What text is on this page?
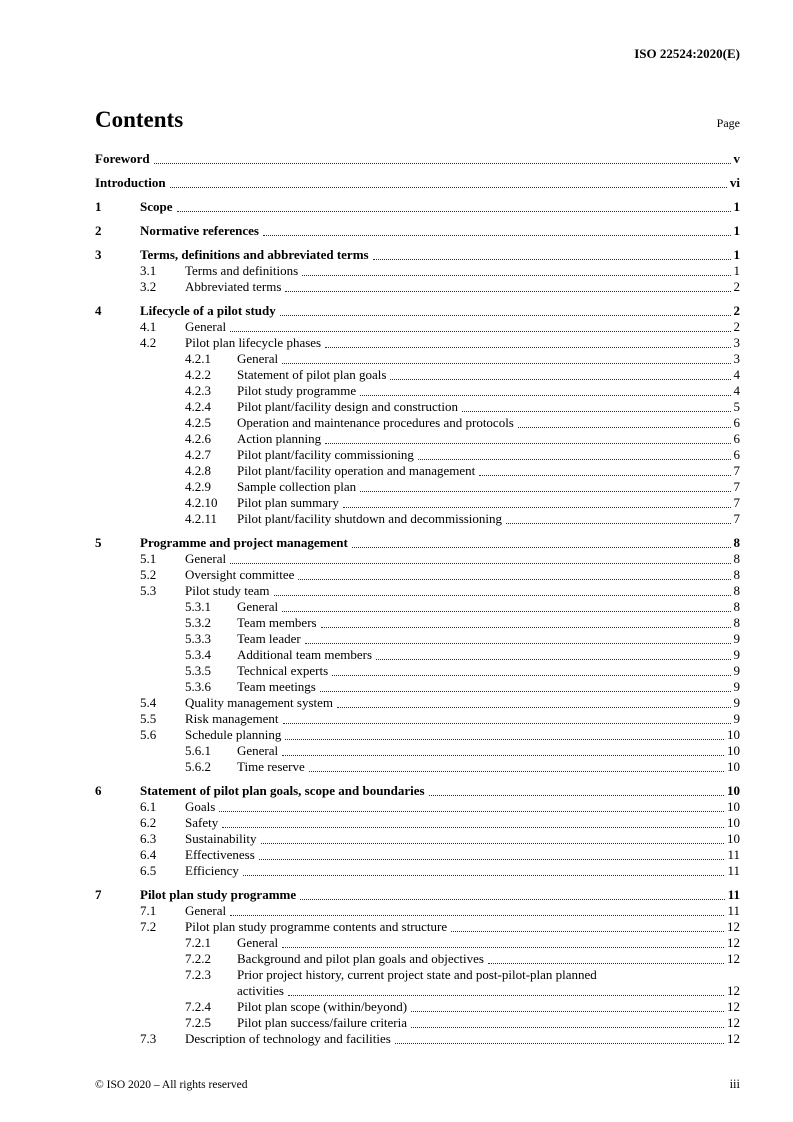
ISO 22524:2020(E)
Contents	Page
Foreword	v
Introduction	vi
1	Scope	1
2	Normative references	1
3	Terms, definitions and abbreviated terms	1
3.1	Terms and definitions	1
3.2	Abbreviated terms	2
4	Lifecycle of a pilot study	2
4.1	General	2
4.2	Pilot plan lifecycle phases	3
4.2.1	General	3
4.2.2	Statement of pilot plan goals	4
4.2.3	Pilot study programme	4
4.2.4	Pilot plant/facility design and construction	5
4.2.5	Operation and maintenance procedures and protocols	6
4.2.6	Action planning	6
4.2.7	Pilot plant/facility commissioning	6
4.2.8	Pilot plant/facility operation and management	7
4.2.9	Sample collection plan	7
4.2.10	Pilot plan summary	7
4.2.11	Pilot plant/facility shutdown and decommissioning	7
5	Programme and project management	8
5.1	General	8
5.2	Oversight committee	8
5.3	Pilot study team	8
5.3.1	General	8
5.3.2	Team members	8
5.3.3	Team leader	9
5.3.4	Additional team members	9
5.3.5	Technical experts	9
5.3.6	Team meetings	9
5.4	Quality management system	9
5.5	Risk management	9
5.6	Schedule planning	10
5.6.1	General	10
5.6.2	Time reserve	10
6	Statement of pilot plan goals, scope and boundaries	10
6.1	Goals	10
6.2	Safety	10
6.3	Sustainability	10
6.4	Effectiveness	11
6.5	Efficiency	11
7	Pilot plan study programme	11
7.1	General	11
7.2	Pilot plan study programme contents and structure	12
7.2.1	General	12
7.2.2	Background and pilot plan goals and objectives	12
7.2.3	Prior project history, current project state and post-pilot-plan planned
activities	12
7.2.4	Pilot plan scope (within/beyond)	12
7.2.5	Pilot plan success/failure criteria	12
7.3	Description of technology and facilities	12
© ISO 2020 – All rights reserved	iii
